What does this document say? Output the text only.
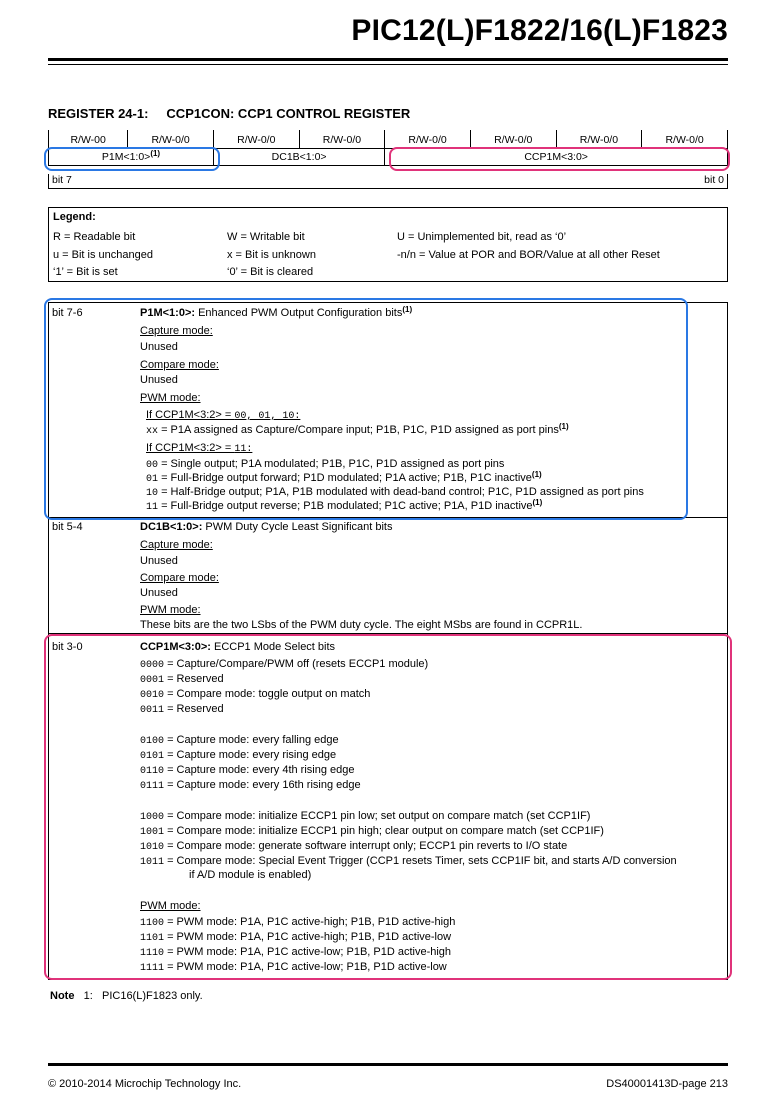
PIC12(L)F1822/16(L)F1823
REGISTER 24-1: CCP1CON: CCP1 CONTROL REGISTER
R/W-00	R/W-0/0	R/W-0/0	R/W-0/0	R/W-0/0	R/W-0/0	R/W-0/0	R/W-0/0
P1M<1:0>$^{(1)}$		DC1B<1:0>		CCP1M<3:0>			
bit 7	bit 0
Legend:
R = Readable bit	W = Writable bit	U = Unimplemented bit, read as ‘0’
u = Bit is unchanged	x = Bit is unknown	-n/n = Value at POR and BOR/Value at all other Reset
‘1’ = Bit is set	‘0’ = Bit is cleared
bit 7-6	P1M<1:0>: Enhanced PWM Output Configuration bits$^{(1)}$
Capture mode:
Unused
Compare mode:
Unused
PWM mode:
If CCP1M<3:2> = 00, 01, 10:
xx = P1A assigned as Capture/Compare input; P1B, P1C, P1D assigned as port pins$^{(1)}$
If CCP1M<3:2> = 11:
00 = Single output; P1A modulated; P1B, P1C, P1D assigned as port pins
01 = Full-Bridge output forward; P1D modulated; P1A active; P1B, P1C inactive$^{(1)}$
10 = Half-Bridge output; P1A, P1B modulated with dead-band control; P1C, P1D assigned as port pins
11 = Full-Bridge output reverse; P1B modulated; P1C active; P1A, P1D inactive$^{(1)}$
bit 5-4	DC1B<1:0>: PWM Duty Cycle Least Significant bits
Capture mode:
Unused
Compare mode:
Unused
PWM mode:
These bits are the two LSbs of the PWM duty cycle. The eight MSbs are found in CCPR1L.
bit 3-0	CCP1M<3:0>: ECCP1 Mode Select bits
0000 = Capture/Compare/PWM off (resets ECCP1 module)
0001 = Reserved
0010 = Compare mode: toggle output on match
0011 = Reserved
0100 = Capture mode: every falling edge
0101 = Capture mode: every rising edge
0110 = Capture mode: every 4th rising edge
0111 = Capture mode: every 16th rising edge
1000 = Compare mode: initialize ECCP1 pin low; set output on compare match (set CCP1IF)
1001 = Compare mode: initialize ECCP1 pin high; clear output on compare match (set CCP1IF)
1010 = Compare mode: generate software interrupt only; ECCP1 pin reverts to I/O state
1011 = Compare mode: Special Event Trigger (CCP1 resets Timer, sets CCP1IF bit, and starts A/D conversion
if A/D module is enabled)
PWM mode:
1100 = PWM mode: P1A, P1C active-high; P1B, P1D active-high
1101 = PWM mode: P1A, P1C active-high; P1B, P1D active-low
1110 = PWM mode: P1A, P1C active-low; P1B, P1D active-high
1111 = PWM mode: P1A, P1C active-low; P1B, P1D active-low
Note 1: PIC16(L)F1823 only.
© 2010-2014 Microchip Technology Inc.	DS40001413D-page 213
